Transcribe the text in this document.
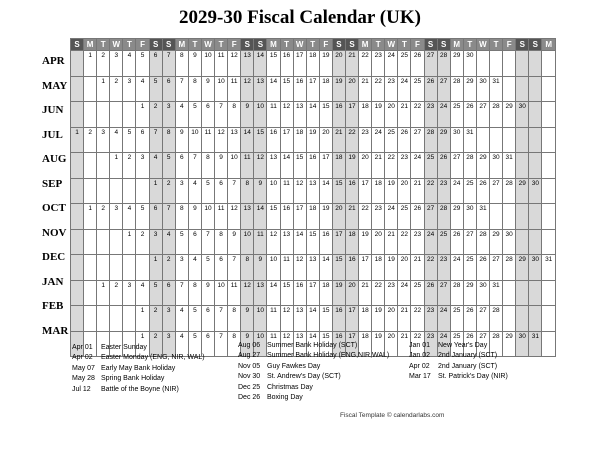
2029-30 Fiscal Calendar (UK)
APR
MAY
JUN
JUL
AUG
SEP
OCT
NOV
DEC
JAN
FEB
MAR
S	M	T	W	T	F	S	S	M	T	W	T	F	S	S	M	T	W	T	F	S	S	M	T	W	T	F	S	S	M	T	W	T	F	S	S	M
	1	2	3	4	5	6	7	8	9	10	11	12	13	14	15	16	17	18	19	20	21	22	23	24	25	26	27	28	29	30						
		1	2	3	4	5	6	7	8	9	10	11	12	13	14	15	16	17	18	19	20	21	22	23	24	25	26	27	28	29	30	31				
					1	2	3	4	5	6	7	8	9	10	11	12	13	14	15	16	17	18	19	20	21	22	23	24	25	26	27	28	29	30		
1	2	3	4	5	6	7	8	9	10	11	12	13	14	15	16	17	18	19	20	21	22	23	24	25	26	27	28	29	30	31						
			1	2	3	4	5	6	7	8	9	10	11	12	13	14	15	16	17	18	19	20	21	22	23	24	25	26	27	28	29	30	31			
						1	2	3	4	5	6	7	8	9	10	11	12	13	14	15	16	17	18	19	20	21	22	23	24	25	26	27	28	29	30	
	1	2	3	4	5	6	7	8	9	10	11	12	13	14	15	16	17	18	19	20	21	22	23	24	25	26	27	28	29	30	31					
				1	2	3	4	5	6	7	8	9	10	11	12	13	14	15	16	17	18	19	20	21	22	23	24	25	26	27	28	29	30			
						1	2	3	4	5	6	7	8	9	10	11	12	13	14	15	16	17	18	19	20	21	22	23	24	25	26	27	28	29	30	31
		1	2	3	4	5	6	7	8	9	10	11	12	13	14	15	16	17	18	19	20	21	22	23	24	25	26	27	28	29	30	31				
					1	2	3	4	5	6	7	8	9	10	11	12	13	14	15	16	17	18	19	20	21	22	23	24	25	26	27	28				
					1	2	3	4	5	6	7	8	9	10	11	12	13	14	15	16	17	18	19	20	21	22	23	24	25	26	27	28	29	30	31	
Apr 01	Easter Sunday
Apr 02	Easter Monday (ENG, NIR, WAL)
May 07 Early May Bank Holiday
May 28 Spring Bank Holiday
Jul 12	Battle of the Boyne (NIR)
Aug 06 Summer Bank Holiday (SCT)
Aug 27 Summer Bank Holiday (ENG,NIR,WAL)
Nov 05 Guy Fawkes Day
Nov 30 St. Andrew's Day (SCT)
Dec 25 Christmas Day
Dec 26 Boxing Day
Jan 01	New Year's Day
Jan 02	2nd January (SCT)
Apr 02	2nd January (SCT)
Mar 17	St. Patrick's Day (NIR)
Fiscal Template © calendarlabs.com
